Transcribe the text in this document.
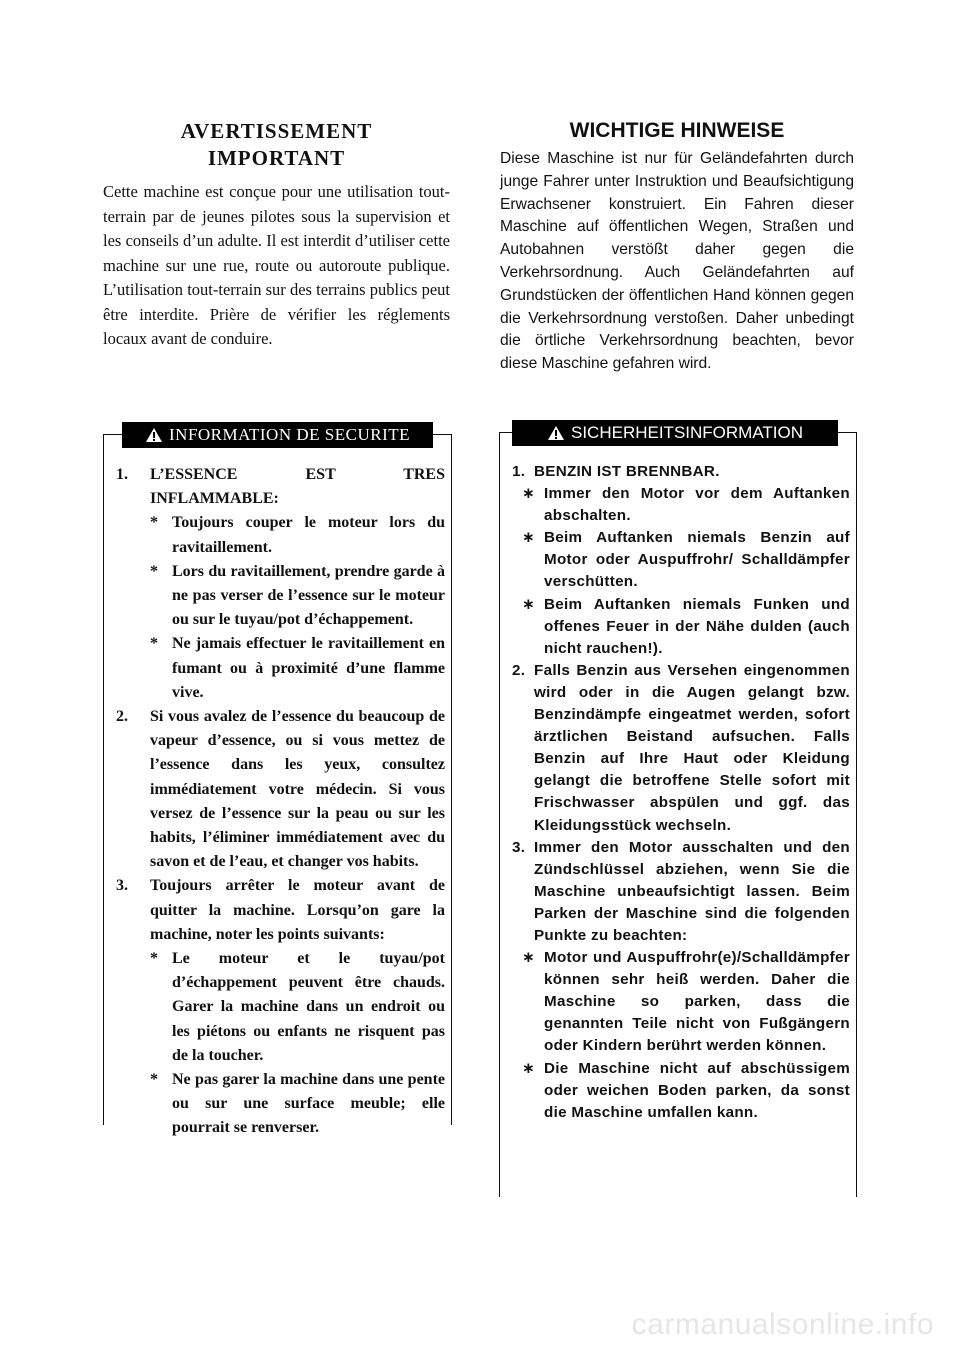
AVERTISSEMENT
IMPORTANT

Cette machine est conçue pour une utilisation tout-terrain par de jeunes pilotes sous la supervision et les conseils d’un adulte. Il est interdit d’utiliser cette machine sur une rue, route ou autoroute publique. L’utilisation tout-terrain sur des terrains publics peut être interdite. Prière de vérifier les réglements locaux avant de conduire.

WICHTIGE HINWEISE

Diese Maschine ist nur für Geländefahrten durch junge Fahrer unter Instruktion und Beaufsichtigung Erwachsener konstruiert. Ein Fahren dieser Maschine auf öffentlichen Wegen, Straßen und Autobahnen verstößt daher gegen die Verkehrsordnung. Auch Geländefahrten auf Grundstücken der öffentlichen Hand können gegen die Verkehrsordnung verstoßen. Daher unbedingt die örtliche Verkehrsordnung beachten, bevor diese Maschine gefahren wird.

INFORMATION DE SECURITE
1.	L’ESSENCE EST TRES INFLAMMABLE:
* Toujours couper le moteur lors du ravitaillement.
* Lors du ravitaillement, prendre garde à ne pas verser de l’essence sur le moteur ou sur le tuyau/pot d’échappement.
* Ne jamais effectuer le ravitaillement en fumant ou à proximité d’une flamme vive.
2.	Si vous avalez de l’essence du beaucoup de vapeur d’essence, ou si vous mettez de l’essence dans les yeux, consultez immédiatement votre médecin. Si vous versez de l’essence sur la peau ou sur les habits, l’éliminer immédiatement avec du savon et de l’eau, et changer vos habits.
3.	Toujours arrêter le moteur avant de quitter la machine. Lorsqu’on gare la machine, noter les points suivants:
* Le moteur et le tuyau/pot d’échappement peuvent être chauds. Garer la machine dans un endroit ou les piétons ou enfants ne risquent pas de la toucher.
* Ne pas garer la machine dans une pente ou sur une surface meuble; elle pourrait se renverser.
SICHERHEITSINFORMATION
1. BENZIN IST BRENNBAR.
∗ Immer den Motor vor dem Auftanken abschalten.
∗ Beim Auftanken niemals Benzin auf Motor oder Auspuffrohr/ Schalldämpfer verschütten.
∗ Beim Auftanken niemals Funken und offenes Feuer in der Nähe dulden (auch nicht rauchen!).
2. Falls Benzin aus Versehen eingenommen wird oder in die Augen gelangt bzw. Benzindämpfe eingeatmet werden, sofort ärztlichen Beistand aufsuchen. Falls Benzin auf Ihre Haut oder Kleidung gelangt die betroffene Stelle sofort mit Frischwasser abspülen und ggf. das Kleidungsstück wechseln.
3. Immer den Motor ausschalten und den Zündschlüssel abziehen, wenn Sie die Maschine unbeaufsichtigt lassen. Beim Parken der Maschine sind die folgenden Punkte zu beachten:
∗ Motor und Auspuffrohr(e)/Schalldämpfer können sehr heiß werden. Daher die Maschine so parken, dass die genannten Teile nicht von Fußgängern oder Kindern berührt werden können.
∗ Die Maschine nicht auf abschüssigem oder weichen Boden parken, da sonst die Maschine umfallen kann.
carmanualsonline.info
